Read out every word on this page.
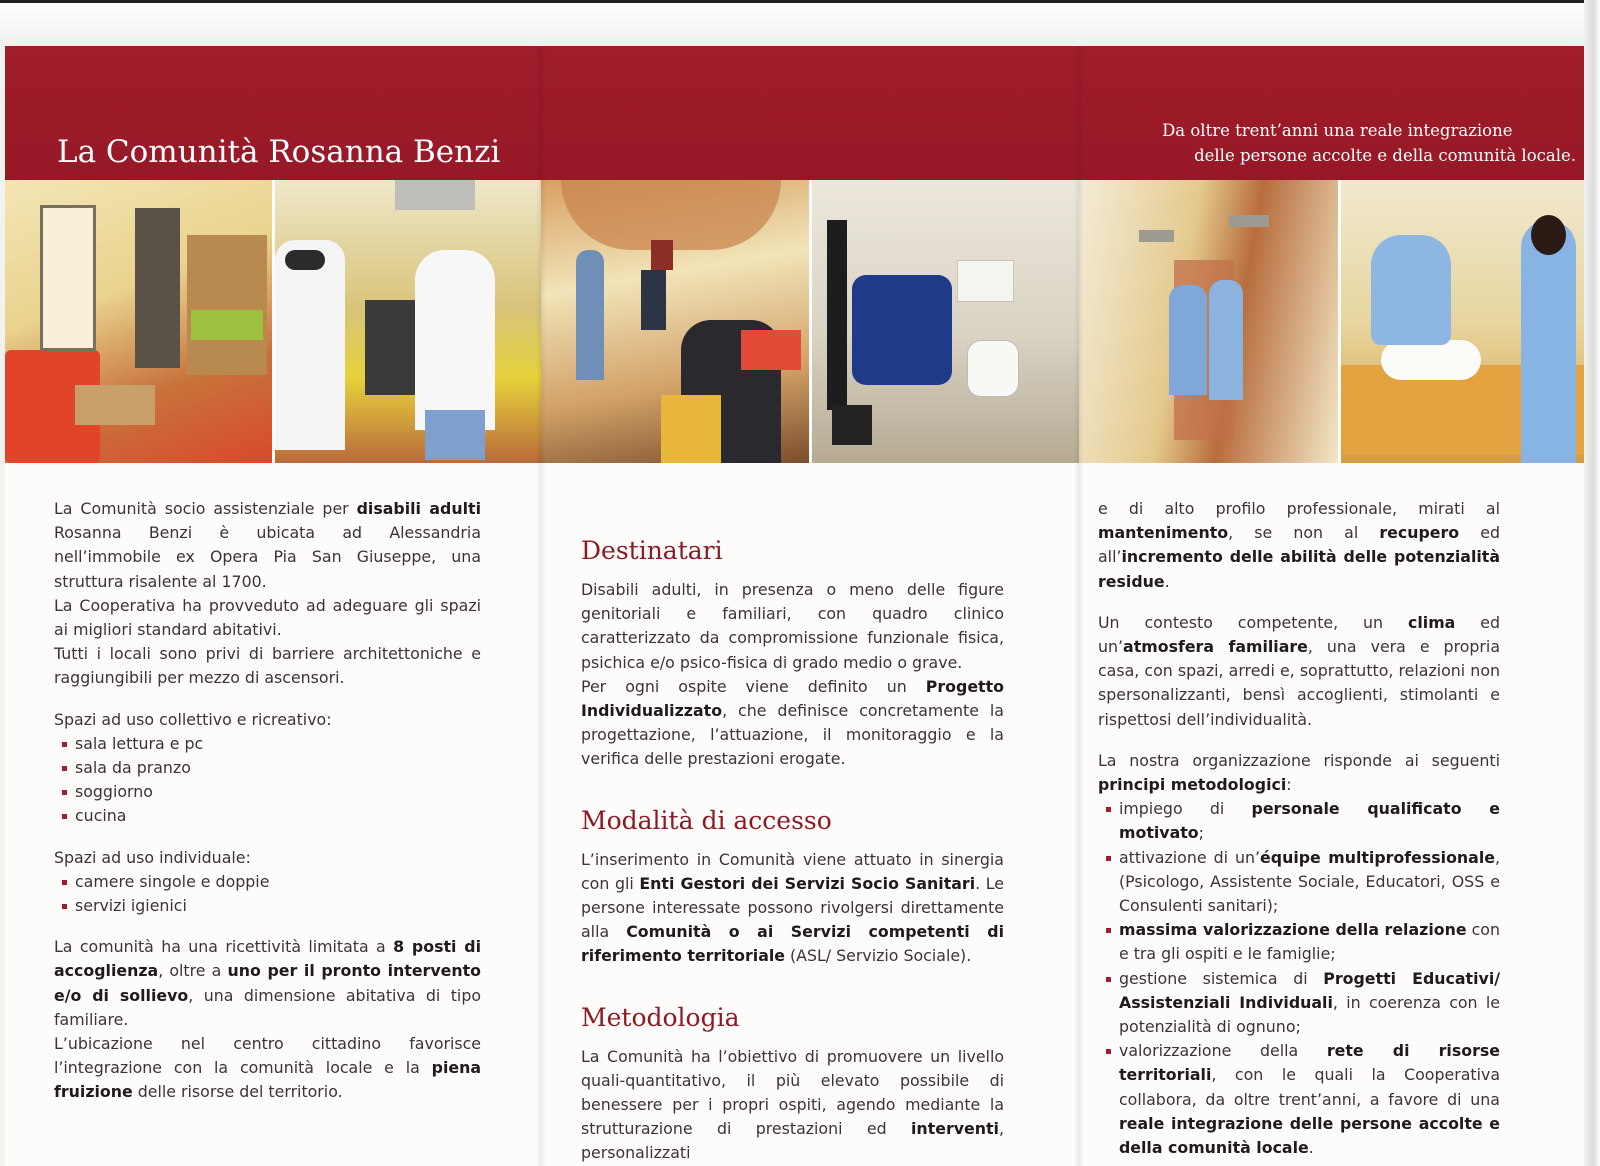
La Comunità Rosanna Benzi

La Comunità socio assistenziale per disabili adulti Rosanna Benzi è ubicata ad Alessandria nell’immobile ex Opera Pia San Giuseppe, una struttura risalente al 1700.

La Cooperativa ha provveduto ad adeguare gli spazi ai migliori standard abitativi.

Tutti i locali sono privi di barriere architettoniche e raggiungibili per mezzo di ascensori.

Spazi ad uso collettivo e ricreativo:

sala lettura e pc
sala da pranzo
soggiorno
cucina

Spazi ad uso individuale:

camere singole e doppie
servizi igienici

La comunità ha una ricettività limitata a 8 posti di accoglienza, oltre a uno per il pronto intervento e/o di sollievo, una dimensione abitativa di tipo familiare.

L’ubicazione nel centro cittadino favorisce l’integrazione con la comunità locale e la piena fruizione delle risorse del territorio.

Destinatari

Disabili adulti, in presenza o meno delle figure genitoriali e familiari, con quadro clinico caratterizzato da compromissione funzionale fisica, psichica e/o psico-fisica di grado medio o grave.

Per ogni ospite viene definito un Progetto Individualizzato, che definisce concretamente la progettazione, l’attuazione, il monitoraggio e la verifica delle prestazioni erogate.

Modalità di accesso

L’inserimento in Comunità viene attuato in sinergia con gli Enti Gestori dei Servizi Socio Sanitari. Le persone interessate possono rivolgersi direttamente alla Comunità o ai Servizi competenti di riferimento territoriale (ASL/ Servizio Sociale).

Metodologia

La Comunità ha l’obiettivo di promuovere un livello quali-quantitativo, il più elevato possibile di benessere per i propri ospiti, agendo mediante la strutturazione di prestazioni ed interventi, personalizzati

Da oltre trent’anni una reale integrazione
delle persone accolte e della comunità locale.

e di alto profilo professionale, mirati al mantenimento, se non al recupero ed all’incremento delle abilità delle potenzialità residue.

Un contesto competente, un clima ed un’atmosfera familiare, una vera e propria casa, con spazi, arredi e, soprattutto, relazioni non spersonalizzanti, bensì accoglienti, stimolanti e rispettosi dell’individualità.

La nostra organizzazione risponde ai seguenti principi metodologici:

impiego di personale qualificato e motivato;
attivazione di un’équipe multiprofessionale, (Psicologo, Assistente Sociale, Educatori, OSS e Consulenti sanitari);
massima valorizzazione della relazione con e tra gli ospiti e le famiglie;
gestione sistemica di Progetti Educativi/ Assistenziali Individuali, in coerenza con le potenzialità di ognuno;
valorizzazione della rete di risorse territoriali, con le quali la Cooperativa collabora, da oltre trent’anni, a favore di una reale integrazione delle persone accolte e della comunità locale.
